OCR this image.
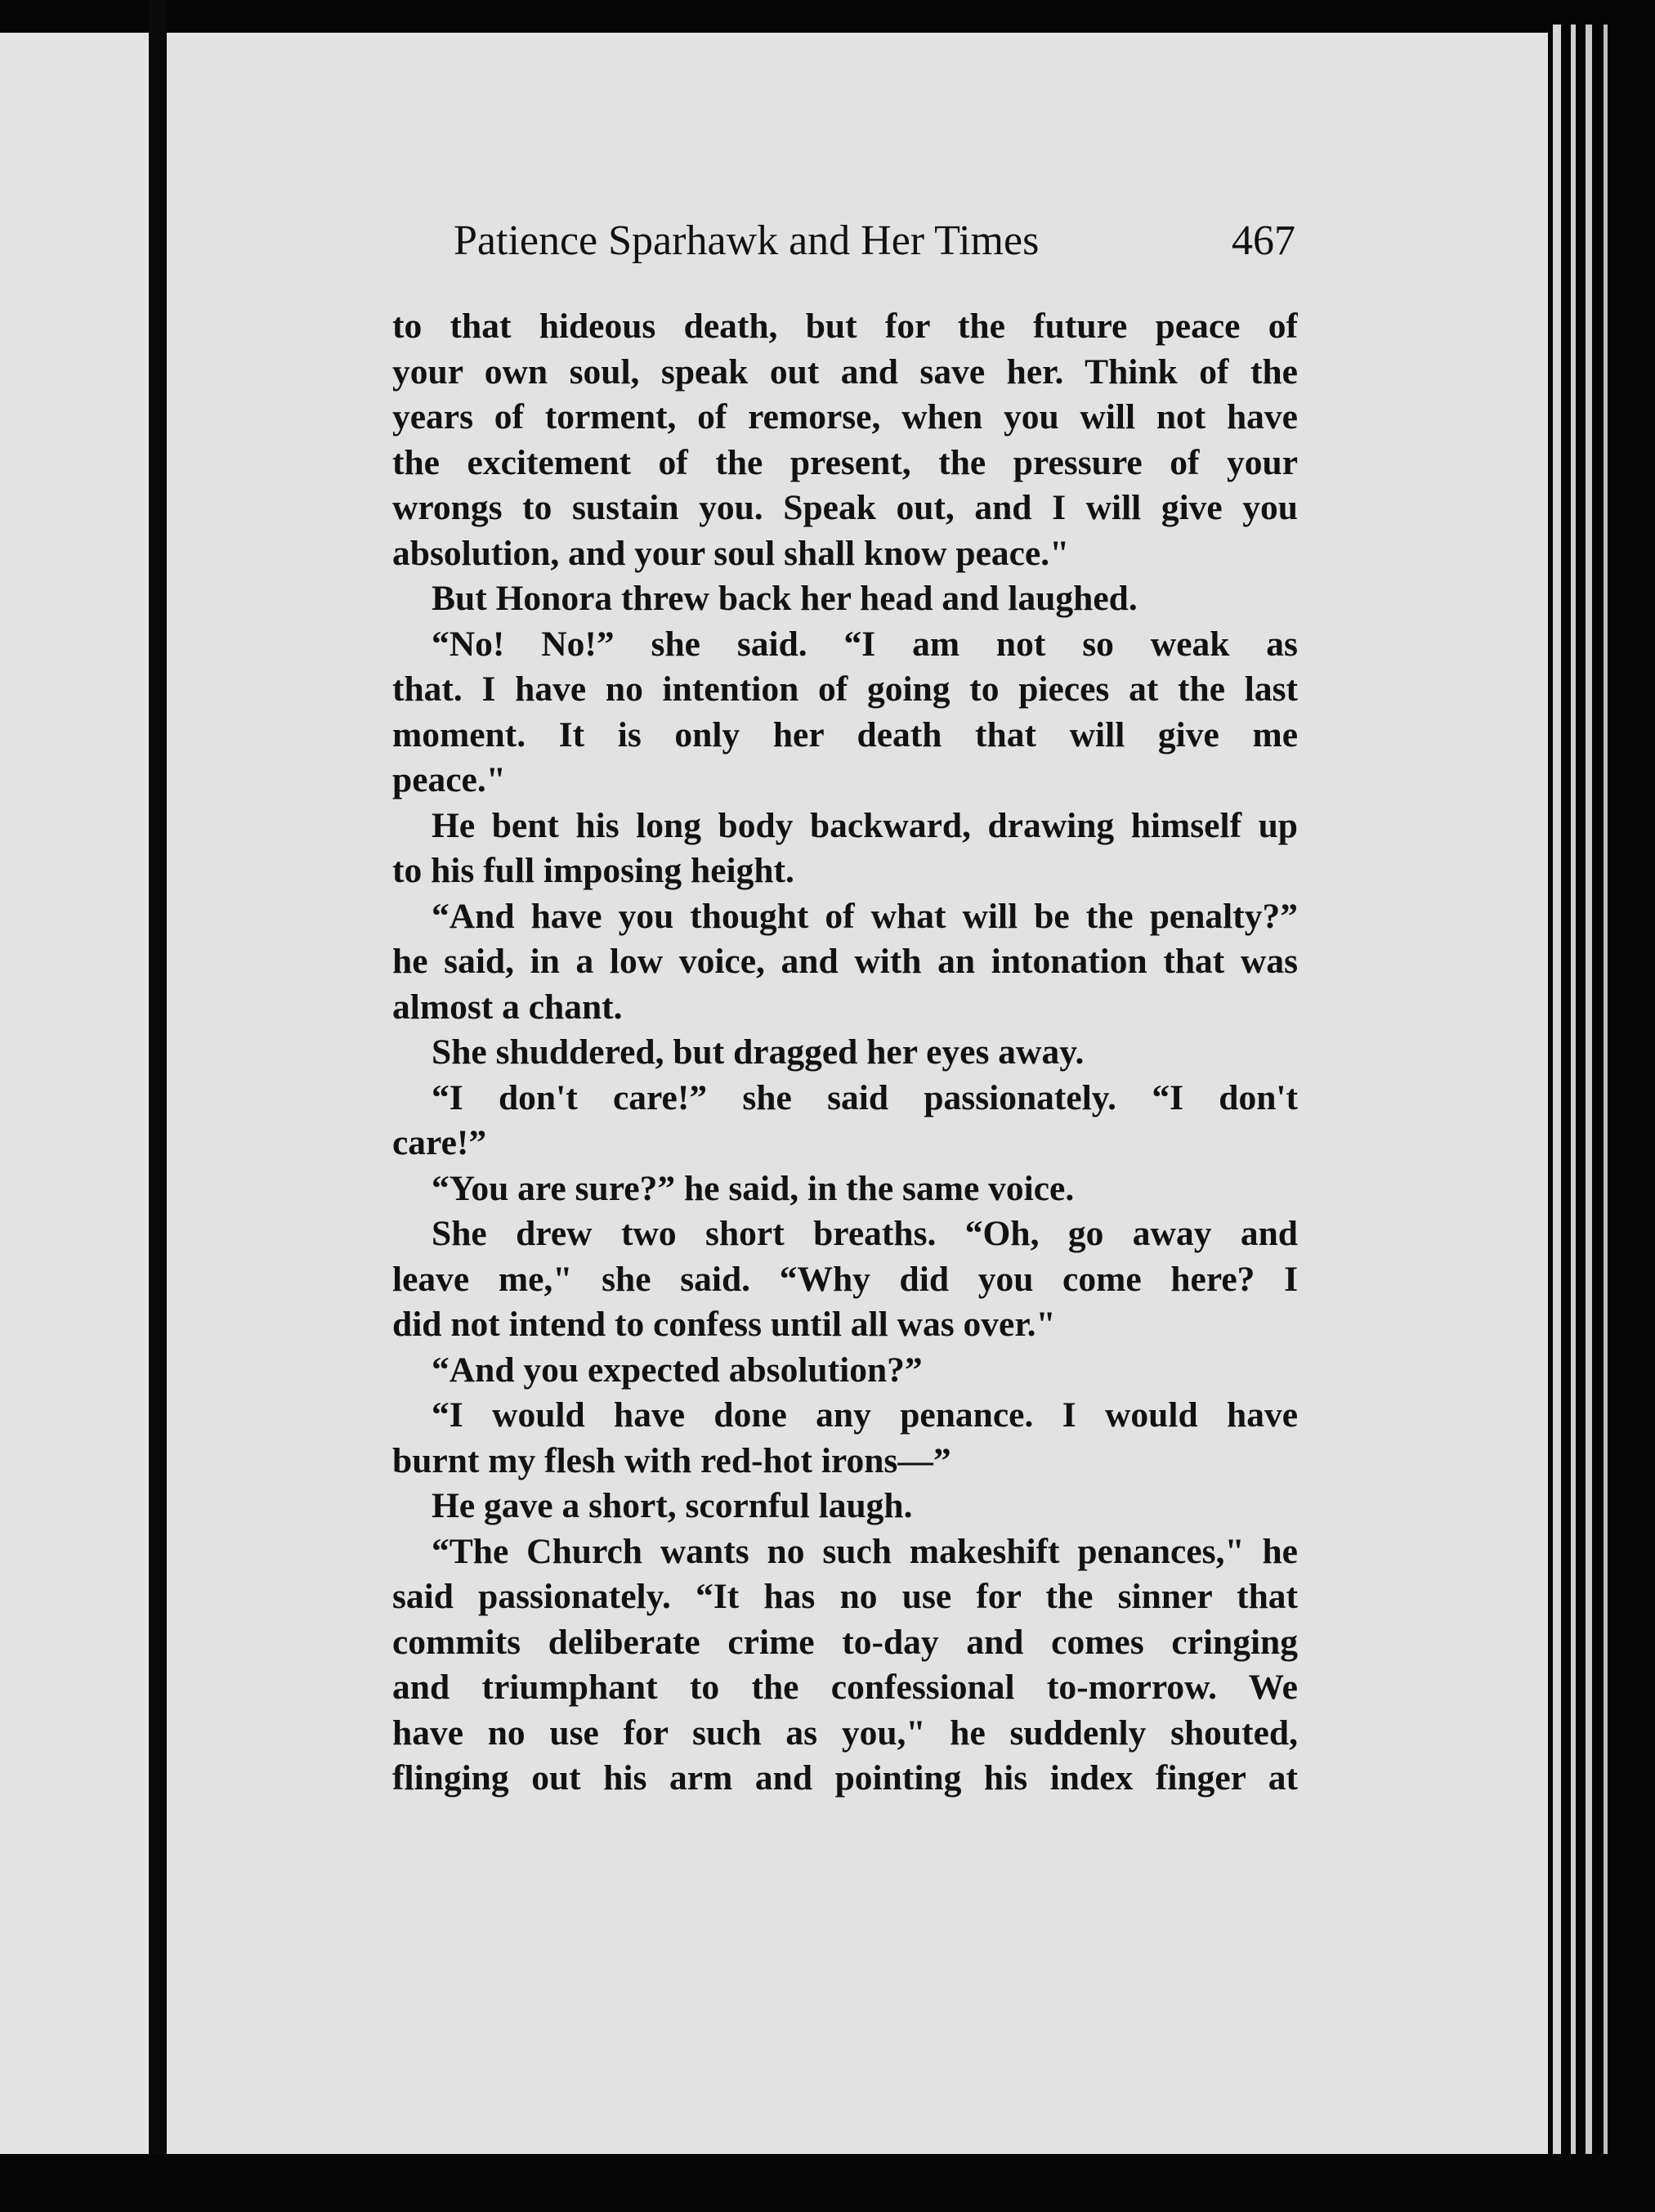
Patience Sparhawk and Her Times	467
to that hideous death, but for the future peace of
your own soul, speak out and save her. Think of the
years of torment, of remorse, when you will not have
the excitement of the present, the pressure of your
wrongs to sustain you. Speak out, and I will give you
absolution, and your soul shall know peace."
But Honora threw back her head and laughed.
“No! No!” she said. “I am not so weak as
that. I have no intention of going to pieces at the last
moment. It is only her death that will give me
peace."
He bent his long body backward, drawing himself up
to his full imposing height.
“And have you thought of what will be the penalty?”
he said, in a low voice, and with an intonation that was
almost a chant.
She shuddered, but dragged her eyes away.
“I don't care!” she said passionately. “I don't
care!”
“You are sure?” he said, in the same voice.
She drew two short breaths. “Oh, go away and
leave me," she said. “Why did you come here? I
did not intend to confess until all was over."
“And you expected absolution?”
“I would have done any penance. I would have
burnt my flesh with red-hot irons—”
He gave a short, scornful laugh.
“The Church wants no such makeshift penances," he
said passionately. “It has no use for the sinner that
commits deliberate crime to-day and comes cringing
and triumphant to the confessional to-morrow. We
have no use for such as you," he suddenly shouted,
flinging out his arm and pointing his index finger at
